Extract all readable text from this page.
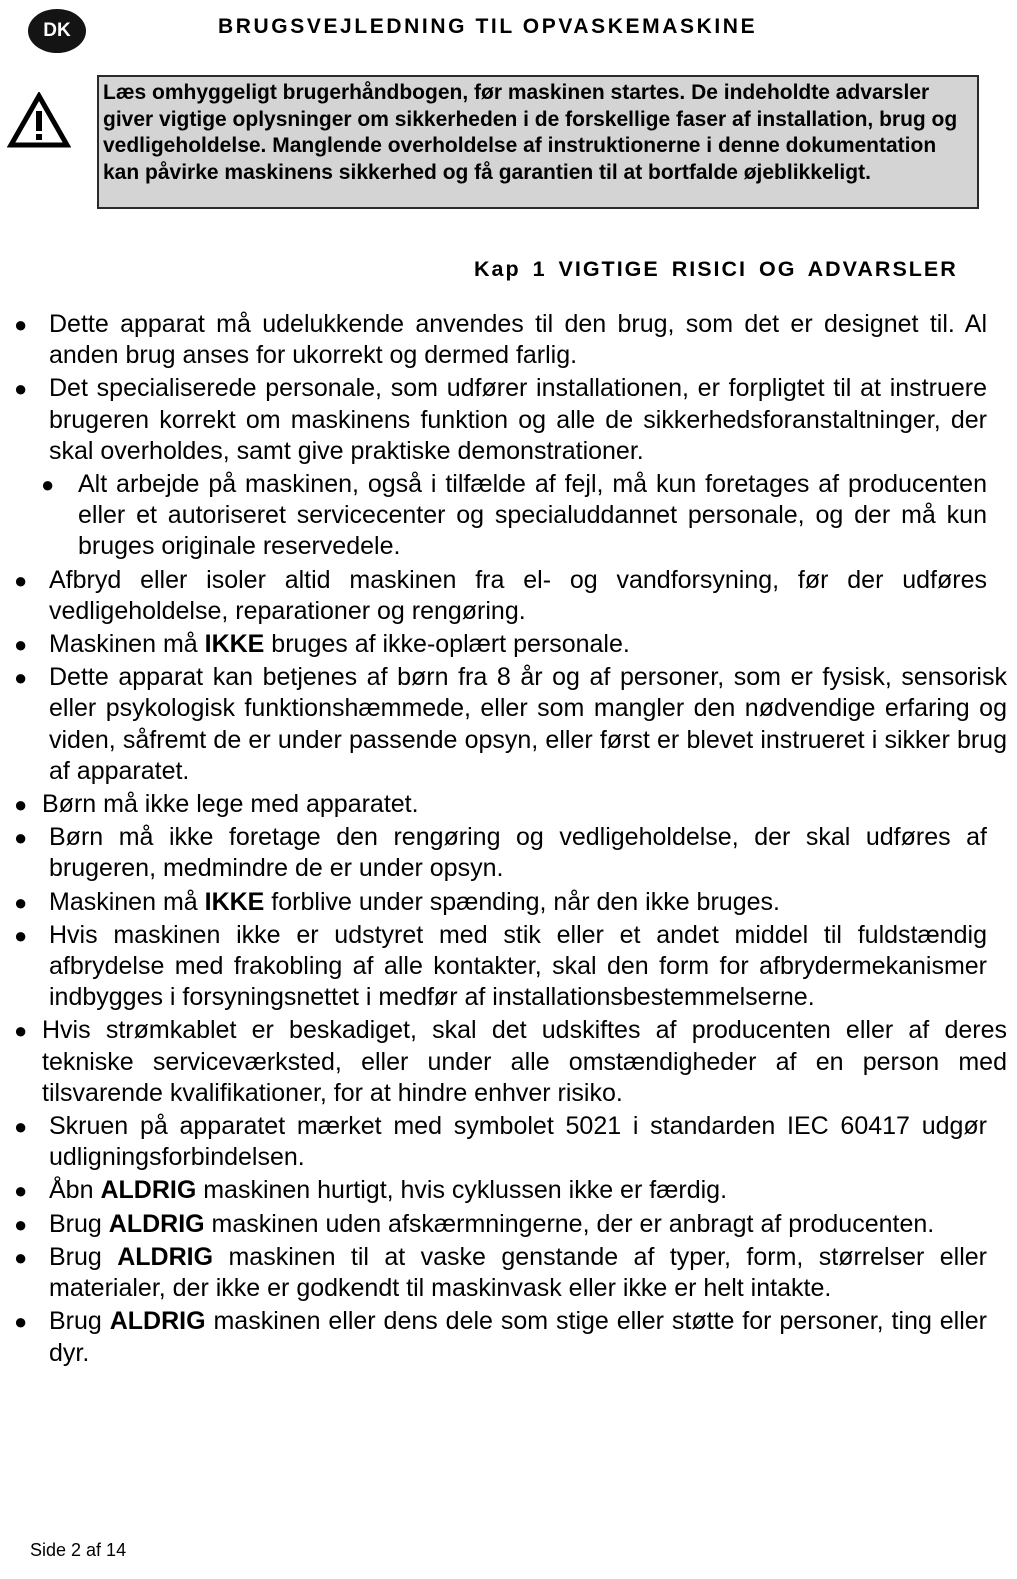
DK	BRUGSVEJLEDNING TIL OPVASKEMASKINE
Læs omhyggeligt brugerhåndbogen, før maskinen startes. De indeholdte advarsler giver vigtige oplysninger om sikkerheden i de forskellige faser af installation, brug og vedligeholdelse. Manglende overholdelse af instruktionerne i denne dokumentation kan påvirke maskinens sikkerhed og få garantien til at bortfalde øjeblikkeligt.
Kap 1 VIGTIGE RISICI OG ADVARSLER
● Dette apparat må udelukkende anvendes til den brug, som det er designet til. Al anden brug anses for ukorrekt og dermed farlig.
● Det specialiserede personale, som udfører installationen, er forpligtet til at instruere brugeren korrekt om maskinens funktion og alle de sikkerhedsforanstaltninger, der skal overholdes, samt give praktiske demonstrationer.
● Alt arbejde på maskinen, også i tilfælde af fejl, må kun foretages af producenten eller et autoriseret servicecenter og specialuddannet personale, og der må kun bruges originale reservedele.
● Afbryd eller isoler altid maskinen fra el- og vandforsyning, før der udføres vedligeholdelse, reparationer og rengøring.
● Maskinen må IKKE bruges af ikke-oplært personale.
● Dette apparat kan betjenes af børn fra 8 år og af personer, som er fysisk, sensorisk eller psykologisk funktionshæmmede, eller som mangler den nødvendige erfaring og viden, såfremt de er under passende opsyn, eller først er blevet instrueret i sikker brug af apparatet.
● Børn må ikke lege med apparatet.
● Børn må ikke foretage den rengøring og vedligeholdelse, der skal udføres af brugeren, medmindre de er under opsyn.
● Maskinen må IKKE forblive under spænding, når den ikke bruges.
● Hvis maskinen ikke er udstyret med stik eller et andet middel til fuldstændig afbrydelse med frakobling af alle kontakter, skal den form for afbrydermekanismer indbygges i forsyningsnettet i medfør af installationsbestemmelserne.
● Hvis strømkablet er beskadiget, skal det udskiftes af producenten eller af deres tekniske serviceværksted, eller under alle omstændigheder af en person med tilsvarende kvalifikationer, for at hindre enhver risiko.
● Skruen på apparatet mærket med symbolet 5021 i standarden IEC 60417 udgør udligningsforbindelsen.
● Åbn ALDRIG maskinen hurtigt, hvis cyklussen ikke er færdig.
● Brug ALDRIG maskinen uden afskærmningerne, der er anbragt af producenten.
● Brug ALDRIG maskinen til at vaske genstande af typer, form, størrelser eller materialer, der ikke er godkendt til maskinvask eller ikke er helt intakte.
● Brug ALDRIG maskinen eller dens dele som stige eller støtte for personer, ting eller dyr.
Side 2 af 14
